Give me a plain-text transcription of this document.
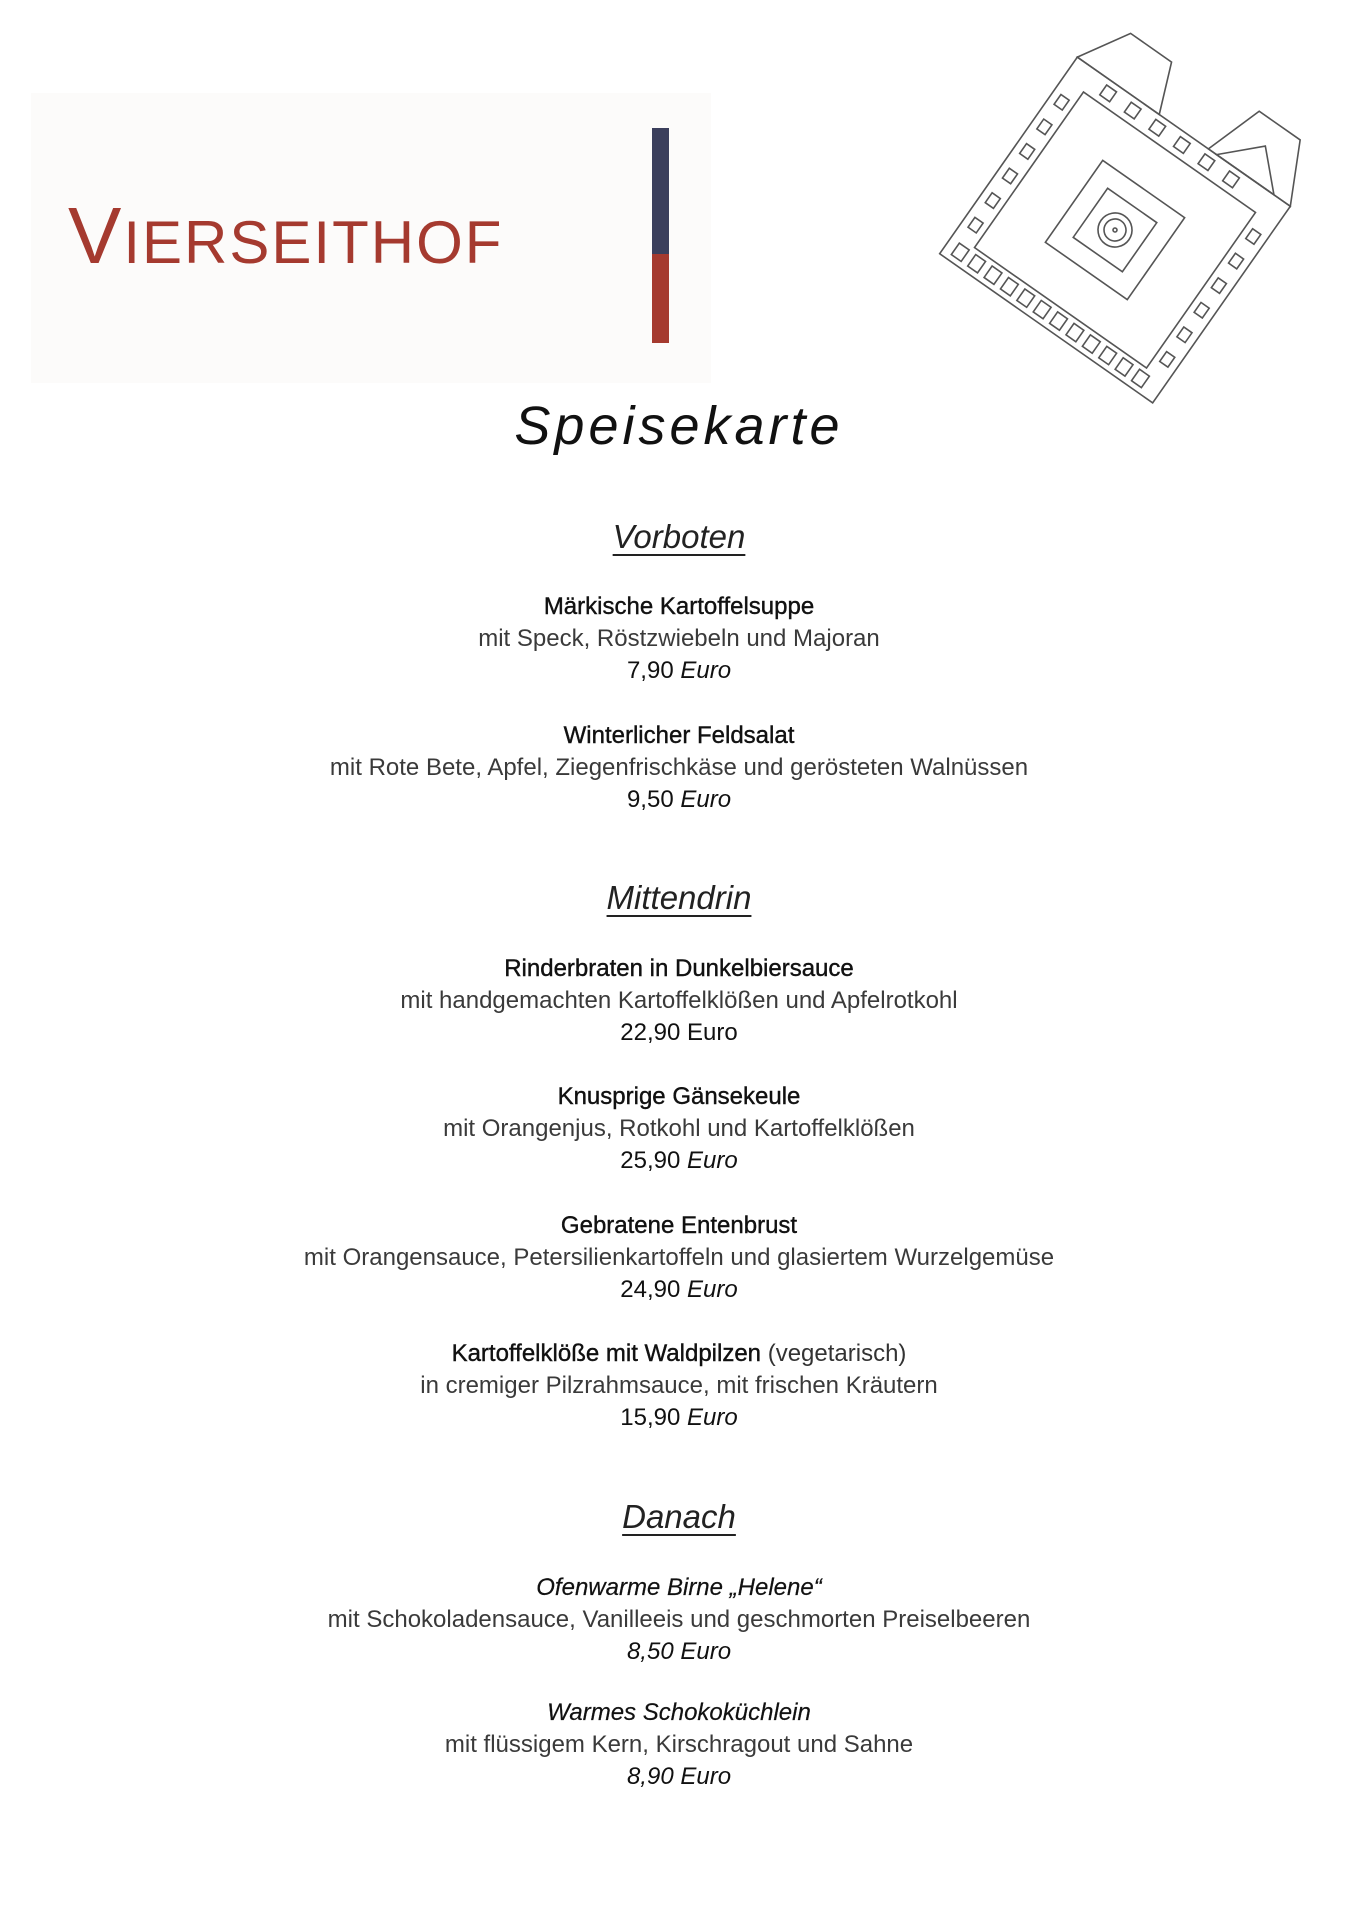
VIERSEITHOF
Speisekarte
Vorboten
Märkische Kartoffelsuppe
mit Speck, Röstzwiebeln und Majoran
7,90 Euro
Winterlicher Feldsalat
mit Rote Bete, Apfel, Ziegenfrischkäse und gerösteten Walnüssen
9,50 Euro
Mittendrin
Rinderbraten in Dunkelbiersauce
mit handgemachten Kartoffelklößen und Apfelrotkohl
22,90 Euro
Knusprige Gänsekeule
mit Orangenjus, Rotkohl und Kartoffelklößen
25,90 Euro
Gebratene Entenbrust
mit Orangensauce, Petersilienkartoffeln und glasiertem Wurzelgemüse
24,90 Euro
Kartoffelklöße mit Waldpilzen (vegetarisch)
in cremiger Pilzrahmsauce, mit frischen Kräutern
15,90 Euro
Danach
Ofenwarme Birne „Helene“
mit Schokoladensauce, Vanilleeis und geschmorten Preiselbeeren
8,50 Euro
Warmes Schokoküchlein
mit flüssigem Kern, Kirschragout und Sahne
8,90 Euro
